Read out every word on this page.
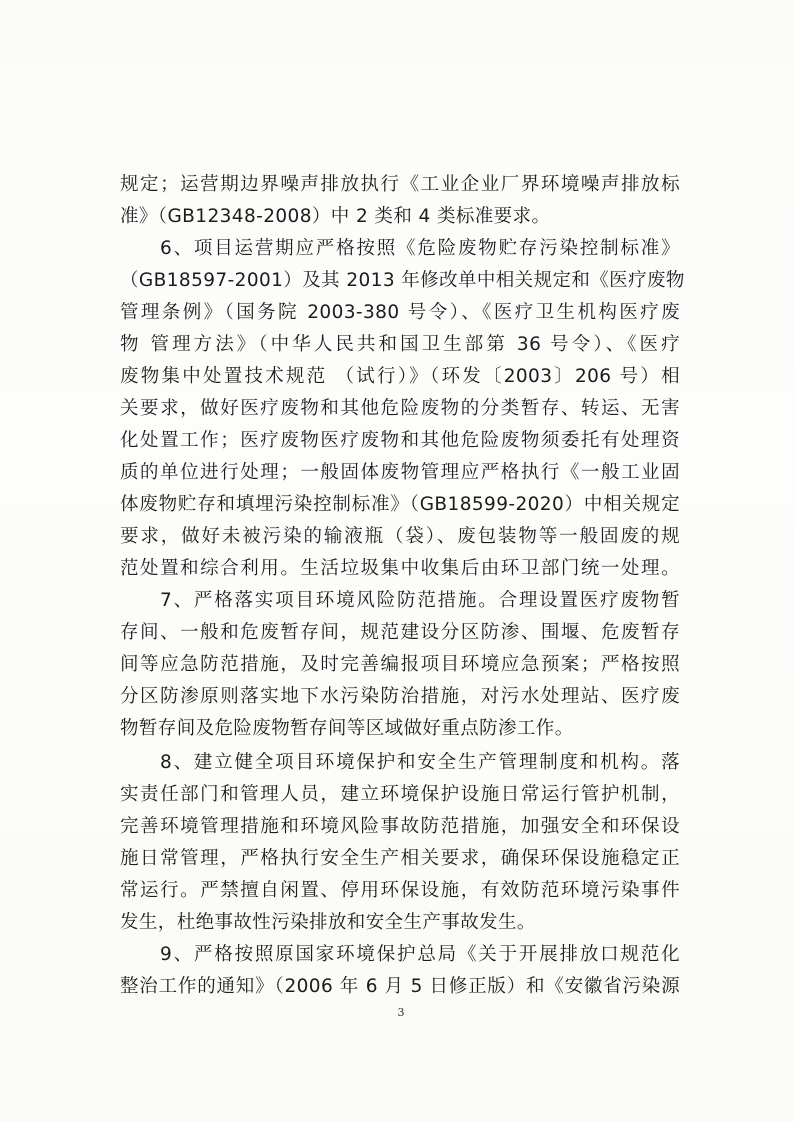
规定；运营期边界噪声排放执行《工业企业厂界环境噪声排放标
准》（GB12348-2008）中 2 类和 4 类标准要求。
6、项目运营期应严格按照《危险废物贮存污染控制标准》
（GB18597-2001）及其 2013 年修改单中相关规定和《医疗废物
管理条例》（国务院 2003-380 号令）、《医疗卫生机构医疗废
物 管理方法》（中华人民共和国卫生部第 36 号令）、《医疗
废物集中处置技术规范 （试行）》（环发〔2003〕206 号）相
关要求，做好医疗废物和其他危险废物的分类暂存、转运、无害
化处置工作；医疗废物医疗废物和其他危险废物须委托有处理资
质的单位进行处理；一般固体废物管理应严格执行《一般工业固
体废物贮存和填埋污染控制标准》（GB18599-2020）中相关规定
要求，做好未被污染的输液瓶（袋）、废包装物等一般固废的规
范处置和综合利用。生活垃圾集中收集后由环卫部门统一处理。
7、严格落实项目环境风险防范措施。合理设置医疗废物暂
存间、一般和危废暂存间，规范建设分区防渗、围堰、危废暂存
间等应急防范措施，及时完善编报项目环境应急预案；严格按照
分区防渗原则落实地下水污染防治措施，对污水处理站、医疗废
物暂存间及危险废物暂存间等区域做好重点防渗工作。
8、建立健全项目环境保护和安全生产管理制度和机构。落
实责任部门和管理人员，建立环境保护设施日常运行管护机制，
完善环境管理措施和环境风险事故防范措施，加强安全和环保设
施日常管理，严格执行安全生产相关要求，确保环保设施稳定正
常运行。严禁擅自闲置、停用环保设施，有效防范环境污染事件
发生，杜绝事故性污染排放和安全生产事故发生。
9、严格按照原国家环境保护总局《关于开展排放口规范化
整治工作的通知》（2006 年 6 月 5 日修正版）和《安徽省污染源
3
